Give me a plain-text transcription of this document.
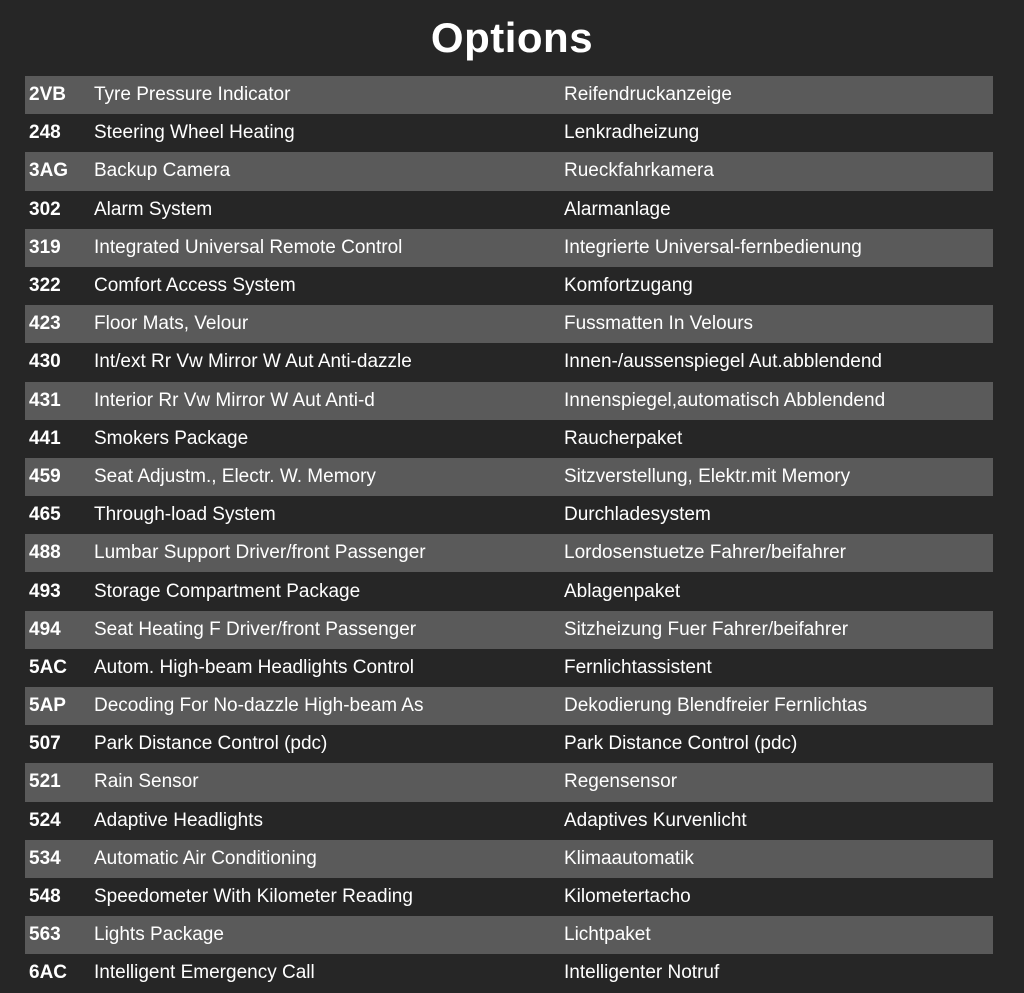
Options
2VB	Tyre Pressure Indicator	Reifendruckanzeige
248	Steering Wheel Heating	Lenkradheizung
3AG	Backup Camera	Rueckfahrkamera
302	Alarm System	Alarmanlage
319	Integrated Universal Remote Control	Integrierte Universal-fernbedienung
322	Comfort Access System	Komfortzugang
423	Floor Mats, Velour	Fussmatten In Velours
430	Int/ext Rr Vw Mirror W Aut Anti-dazzle	Innen-/aussenspiegel Aut.abblendend
431	Interior Rr Vw Mirror W Aut Anti-d	Innenspiegel,automatisch Abblendend
441	Smokers Package	Raucherpaket
459	Seat Adjustm., Electr. W. Memory	Sitzverstellung, Elektr.mit Memory
465	Through-load System	Durchladesystem
488	Lumbar Support Driver/front Passenger	Lordosenstuetze Fahrer/beifahrer
493	Storage Compartment Package	Ablagenpaket
494	Seat Heating F Driver/front Passenger	Sitzheizung Fuer Fahrer/beifahrer
5AC	Autom. High-beam Headlights Control	Fernlichtassistent
5AP	Decoding For No-dazzle High-beam As	Dekodierung Blendfreier Fernlichtas
507	Park Distance Control (pdc)	Park Distance Control (pdc)
521	Rain Sensor	Regensensor
524	Adaptive Headlights	Adaptives Kurvenlicht
534	Automatic Air Conditioning	Klimaautomatik
548	Speedometer With Kilometer Reading	Kilometertacho
563	Lights Package	Lichtpaket
6AC	Intelligent Emergency Call	Intelligenter Notruf
